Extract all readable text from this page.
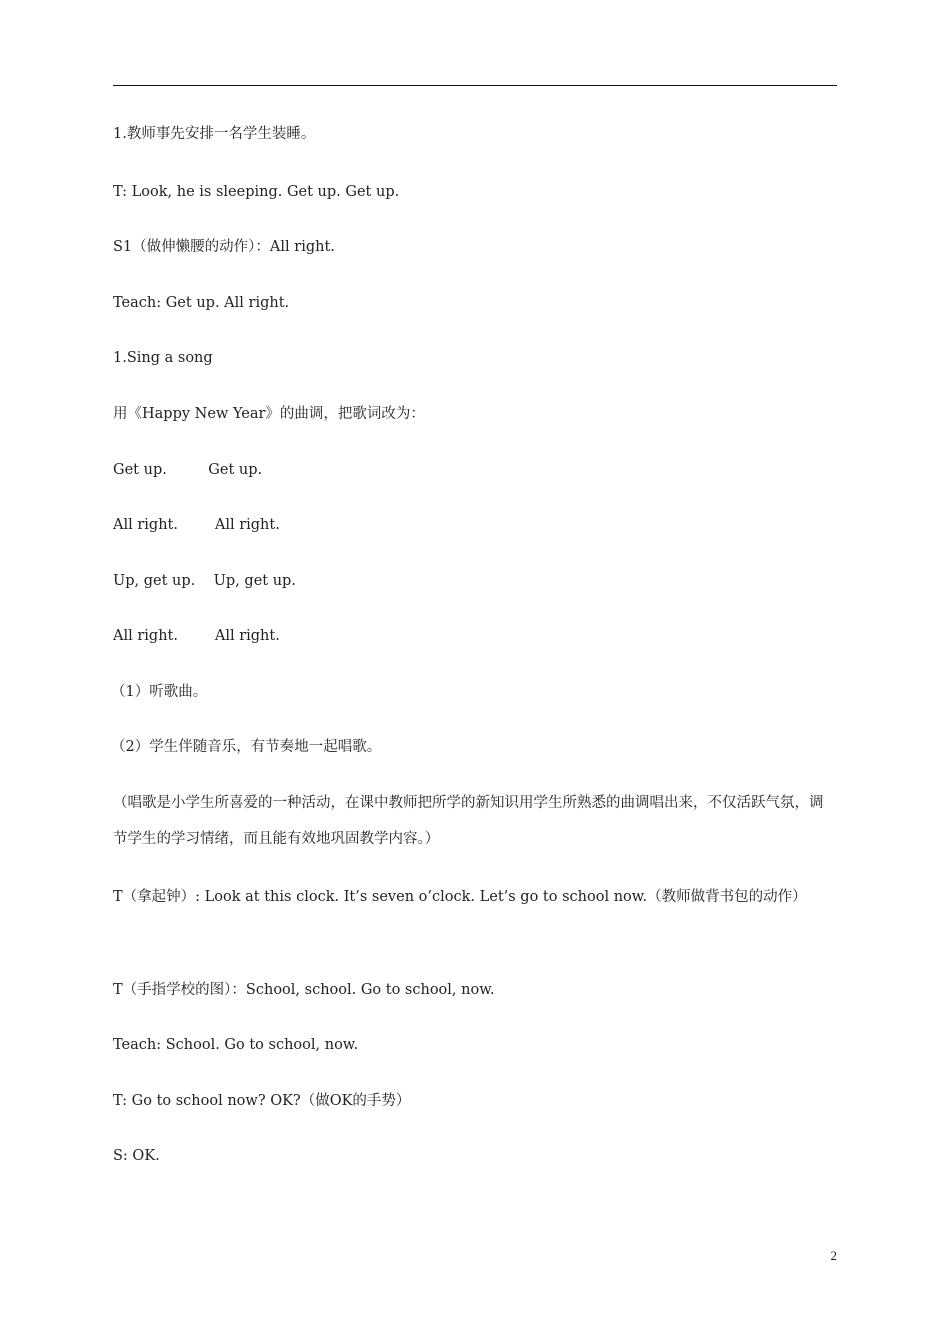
1.教师事先安排一名学生装睡。
T: Look, he is sleeping. Get up. Get up.
S1（做伸懒腰的动作）：All right.
Teach: Get up. All right.
1.Sing a song
用《Happy New Year》的曲调，把歌词改为：
Get up.         Get up.
All right.        All right.
Up, get up.    Up, get up.
All right.        All right.
（1）听歌曲。
（2）学生伴随音乐，有节奏地一起唱歌。
（唱歌是小学生所喜爱的一种活动，在课中教师把所学的新知识用学生所熟悉的曲调唱出来，不仅活跃气氛，调节学生的学习情绪，而且能有效地巩固教学内容。）
T（拿起钟）: Look at this clock. It’s seven o’clock. Let’s go to school now.（教师做背书包的动作）
T（手指学校的图）：School, school. Go to school, now.
Teach: School. Go to school, now.
T: Go to school now? OK?（做OK的手势）
S: OK.
2
